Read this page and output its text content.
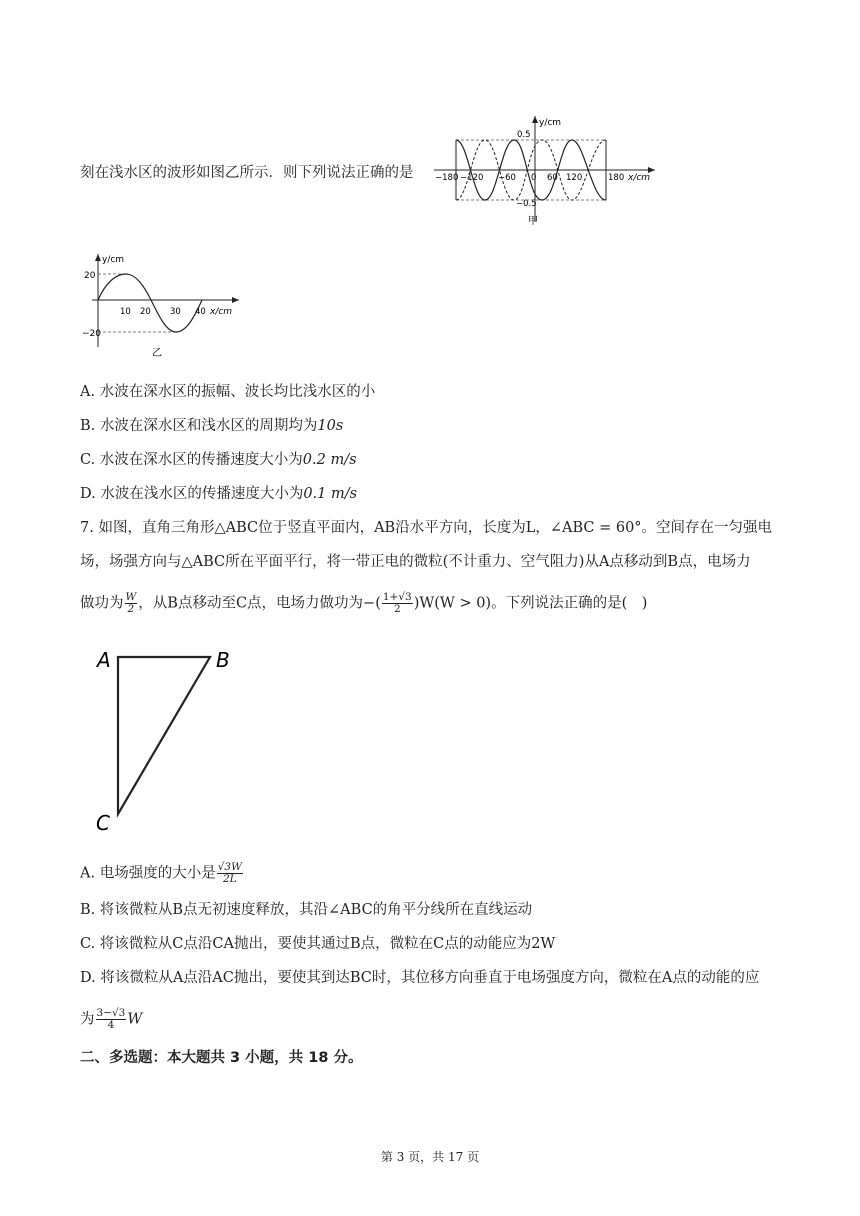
刻在浅水区的波形如图乙所示．则下列说法正确的是
y/cm
x/cm
0.5
−0.5
−180 −120 −60 0 60 120	180
甲
y/cm
x/cm
20
−20
10 20 30 40
乙
A. 水波在深水区的振幅、波长均比浅水区的小
B. 水波在深水区和浅水区的周期均为10s
C. 水波在深水区的传播速度大小为0.2 m/s
D. 水波在浅水区的传播速度大小为0.1 m/s
7. 如图，直角三角形△ABC位于竖直平面内，AB沿水平方向，长度为L，∠ABC = 60°。空间存在一匀强电
场，场强方向与△ABC所在平面平行，将一带正电的微粒(不计重力、空气阻力)从A点移动到B点，电场力
做功为 $\frac{W}{2}$ ，从B点移动至C点，电场力做功为−( $\frac{1+√3}{2} )W(W > 0)$。下列说法正确的是(　)
A	B
C
A. 电场强度的大小是 $\frac{√3W}{2L}$
B. 将该微粒从B点无初速度释放，其沿∠ABC的角平分线所在直线运动
C. 将该微粒从C点沿CA抛出，要使其通过B点，微粒在C点的动能应为2W
D. 将该微粒从A点沿AC抛出，要使其到达BC时，其位移方向垂直于电场强度方向，微粒在A点的动能的应
为 $\frac{3-√3}{4}$ W
二、多选题：本大题共 3 小题，共 18 分。
第 3 页，共 17 页
